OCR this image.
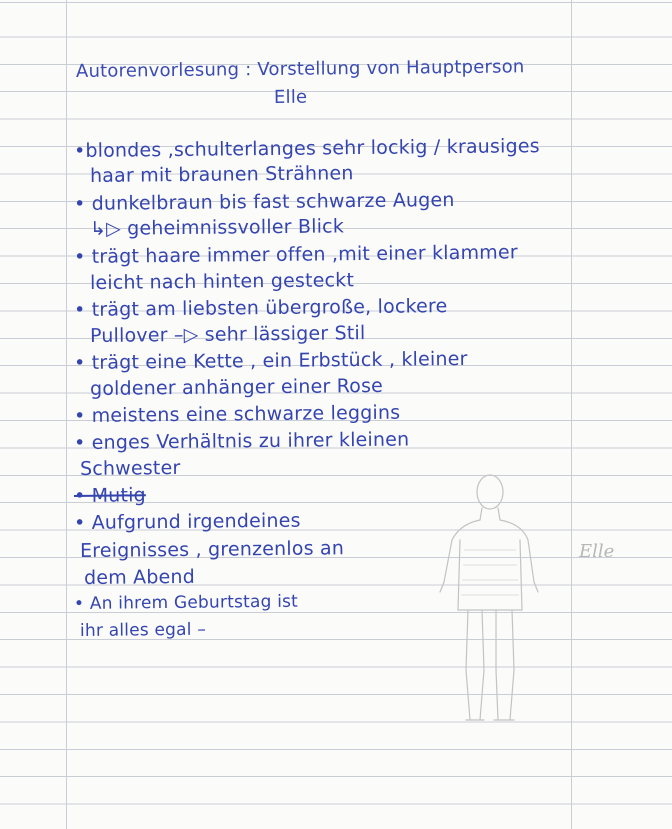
Autorenvorlesung : Vorstellung von Hauptperson
Elle
•blondes ,schulterlanges sehr lockig / krausiges
haar mit braunen Strähnen
• dunkelbraun bis fast schwarze Augen
↳▷ geheimnissvoller Blick
• trägt haare immer offen ,mit einer klammer
leicht nach hinten gesteckt
• trägt am liebsten übergroße, lockere
Pullover –▷ sehr lässiger Stil
• trägt eine Kette , ein Erbstück , kleiner
goldener anhänger einer Rose
• meistens eine schwarze leggins
• enges Verhältnis zu ihrer kleinen
Schwester
• Mutig
• Aufgrund irgendeines
Ereignisses , grenzenlos an
dem Abend
• An ihrem Geburtstag ist
ihr alles egal –
Elle
